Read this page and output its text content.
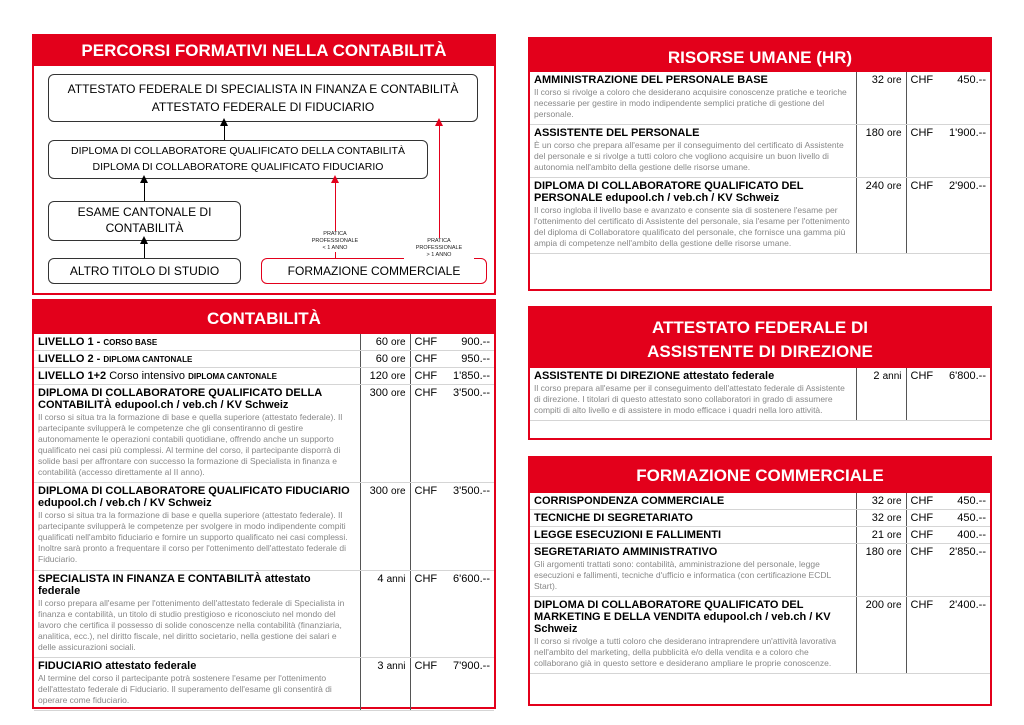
PERCORSI FORMATIVI NELLA CONTABILITÀ
ATTESTATO FEDERALE DI SPECIALISTA IN FINANZA E CONTABILITÀ
ATTESTATO FEDERALE DI FIDUCIARIO
DIPLOMA DI COLLABORATORE QUALIFICATO DELLA CONTABILITÀ
DIPLOMA DI COLLABORATORE QUALIFICATO FIDUCIARIO
ESAME CANTONALE DI CONTABILITÀ
ALTRO TITOLO DI STUDIO	FORMAZIONE COMMERCIALE
PRATICA PROFESSIONALE
< 1 ANNO
PRATICA PROFESSIONALE
> 1 ANNO
CONTABILITÀ
LIVELLO 1 - CORSO BASE	60 ore	CHF	900.--

LIVELLO 2 - DIPLOMA CANTONALE	60 ore	CHF	950.--

LIVELLO 1+2 Corso intensivo DIPLOMA CANTONALE	120 ore	CHF	1'850.--

DIPLOMA DI COLLABORATORE QUALIFICATO DELLA CONTABILITÀ edupool.ch / veb.ch / KV Schweiz
Il corso si situa tra la formazione di base e quella superiore (attestato federale). Il partecipante svilupperà le competenze che gli consentiranno di gestire autonomamente le operazioni contabili quotidiane, offrendo anche un supporto qualificato nei casi più complessi. Al termine del corso, il partecipante disporrà di solide basi per affrontare con successo la formazione di Specialista in finanza e contabilità (accesso direttamente al II anno).	300 ore	CHF	3'500.--

DIPLOMA DI COLLABORATORE QUALIFICATO FIDUCIARIO edupool.ch / veb.ch / KV Schweiz
Il corso si situa tra la formazione di base e quella superiore (attestato federale). Il partecipante svilupperà le competenze per svolgere in modo indipendente compiti qualificati nell'ambito fiduciario e fornire un supporto qualificato nei casi complessi. Inoltre sarà pronto a frequentare il corso per l'ottenimento dell'attestato federale di Fiduciario.	300 ore	CHF	3'500.--

SPECIALISTA IN FINANZA E CONTABILITÀ attestato federale
Il corso prepara all'esame per l'ottenimento dell'attestato federale di Specialista in finanza e contabilità, un titolo di studio prestigioso e riconosciuto nel mondo del lavoro che certifica il possesso di solide conoscenze nella contabilità (finanziaria, analitica, ecc.), nel diritto fiscale, nel diritto societario, nella gestione dei salari e delle assicurazioni sociali.	4 anni	CHF	6'600.--

FIDUCIARIO attestato federale
Al termine del corso il partecipante potrà sostenere l'esame per l'ottenimento dell'attestato federale di Fiduciario. Il superamento dell'esame gli consentirà di operare come fiduciario.	3 anni	CHF	7'900.--
RISORSE UMANE (HR)
AMMINISTRAZIONE DEL PERSONALE BASE
Il corso si rivolge a coloro che desiderano acquisire conoscenze pratiche e teoriche necessarie per gestire in modo indipendente semplici pratiche di gestione del personale.	32 ore	CHF	450.--

ASSISTENTE DEL PERSONALE
È un corso che prepara all'esame per il conseguimento del certificato di Assistente del personale e si rivolge a tutti coloro che vogliono acquisire un buon livello di autonomia nell'ambito della gestione delle risorse umane.	180 ore	CHF	1'900.--

DIPLOMA DI COLLABORATORE QUALIFICATO DEL PERSONALE edupool.ch / veb.ch / KV Schweiz
Il corso ingloba il livello base e avanzato e consente sia di sostenere l'esame per l'ottenimento del certificato di Assistente del personale, sia l'esame per l'ottenimento del diploma di Collaboratore qualificato del personale, che fornisce una gamma più ampia di competenze nell'ambito della gestione delle risorse umane.	240 ore	CHF	2'900.--
ATTESTATO FEDERALE DI
ASSISTENTE DI DIREZIONE
ASSISTENTE DI DIREZIONE attestato federale
Il corso prepara all'esame per il conseguimento dell'attestato federale di Assistente di direzione. I titolari di questo attestato sono collaboratori in grado di assumere compiti di alto livello e di assistere in modo efficace i quadri nella loro attività.
	2 anni	CHF	6'800.--
FORMAZIONE COMMERCIALE
CORRISPONDENZA COMMERCIALE	32 ore	CHF	450.--

TECNICHE DI SEGRETARIATO	32 ore	CHF	450.--

LEGGE ESECUZIONI E FALLIMENTI	21 ore	CHF	400.--

SEGRETARIATO AMMINISTRATIVO
Gli argomenti trattati sono: contabilità, amministrazione del personale, legge esecuzioni e fallimenti, tecniche d'ufficio e informatica (con certificazione ECDL Start).	180 ore	CHF	2'850.--

DIPLOMA DI COLLABORATORE QUALIFICATO DEL MARKETING E DELLA VENDITA edupool.ch / veb.ch / KV Schweiz
Il corso si rivolge a tutti coloro che desiderano intraprendere un'attività lavorativa nell'ambito del marketing, della pubblicità e/o della vendita e a coloro che collaborano già in questo settore e desiderano ampliare le proprie conoscenze.	200 ore	CHF	2'400.--
